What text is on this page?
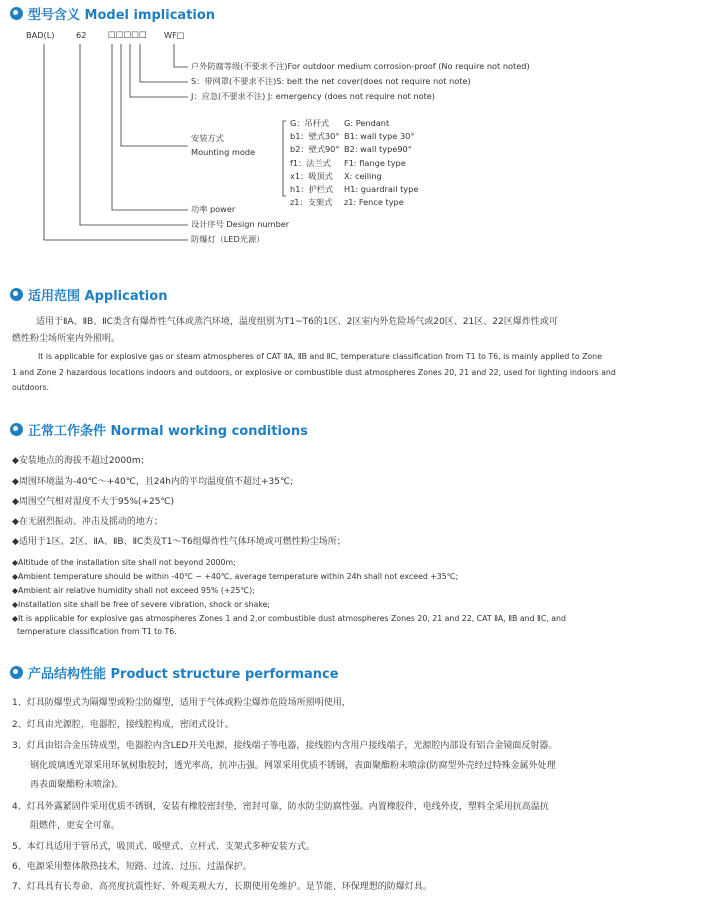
型号含义 Model implication
BAD(L)	62	□□□□□ WF□
户外防腐等级(不要求不注)For outdoor medium corrosion-proof (No require not noted)
S：带网罩(不要求不注)S: belt the net cover(does not require not note)
J：应急(不要求不注) J: emergency (does not require not note)
安装方式
Mounting mode
G：吊杆式
b1：壁式30°
b2：壁式90°
f1：法兰式
x1：吸顶式
h1：护栏式
z1：支架式
G: Pendant
B1: wall type 30°
B2: wall type90°
F1: flange type
X: ceiling
H1: guardrail type
z1: Fence type
功率 power
设计序号 Design number
防爆灯（LED光源）
适用范围 Application
适用于ⅡA、ⅡB、ⅡC类含有爆炸性气体或蒸汽环境，温度组别为T1~T6的1区、2区室内外危险场气或20区、21区、22区爆炸性或可
燃性粉尘场所室内外照明。
It is applicable for explosive gas or steam atmospheres of CAT ⅡA, ⅡB and ⅡC, temperature classification from T1 to T6, is mainly applied to Zone
1 and Zone 2 hazardous locations indoors and outdoors, or explosive or combustible dust atmospheres Zones 20, 21 and 22, used for lighting indoors and
outdoors.
正常工作条件 Normal working conditions
◆安装地点的海拔不超过2000m；
◆周围环境温为-40℃～+40℃，且24h内的平均温度值不超过+35℃;
◆周围空气相对湿度不大于95%(+25℃)
◆在无剧烈振动、冲击及摇动的地方；
◆适用于1区、2区、ⅡA、ⅡB、ⅡC类及T1～T6组爆炸性气体环境或可燃性粉尘场所；
◆Altitude of the installation site shall not beyond 2000m;
◆Ambient temperature should be within -40℃ ~ +40℃, average temperature within 24h shall not exceed +35℃;
◆Ambient air relative humidity shall not exceed 95% (+25℃);
◆Installation site shall be free of severe vibration, shock or shake;
◆It is applicable for explosive gas atmospheres Zones 1 and 2,or combustible dust atmospheres Zones 20, 21 and 22, CAT ⅡA, ⅡB and ⅡC, and
temperature classification from T1 to T6.
产品结构性能 Product structure performance
1、灯具防爆型式为隔爆型或粉尘防爆型，适用于气体或粉尘爆炸危险场所照明使用，
2、灯具由光源腔，电器腔，接线腔构成，密闭式设计。
3、灯具由铝合金压铸成型，电器腔内含LED开关电源，接线端子等电器，接线腔内含用户接线端子，光源腔内部设有铝合金镜面反射器。
钢化玻璃透光罩采用环氧树脂胶封，透光率高，抗冲击强。网罩采用优质不锈钢，表面聚酯粉末喷涂(防腐型外壳经过特殊金属外处理
再表面聚酯粉末喷涂)。
4、灯具外露紧固件采用优质不锈钢，安装有橡胶密封垫，密封可靠，防水防尘防腐性强。内置橡胶件，电线外皮，塑料全采用抗高温抗
阻燃件，更安全可靠。
5、本灯具适用于管吊式，吸顶式、吸壁式、立杆式、支架式多种安装方式。
6、电源采用整体散热技术，短路、过流、过压、过温保护。
7、灯具具有长寿命、高亮度抗震性好、外观美观大方，长期使用免维护。是节能、环保理想的防爆灯具。
